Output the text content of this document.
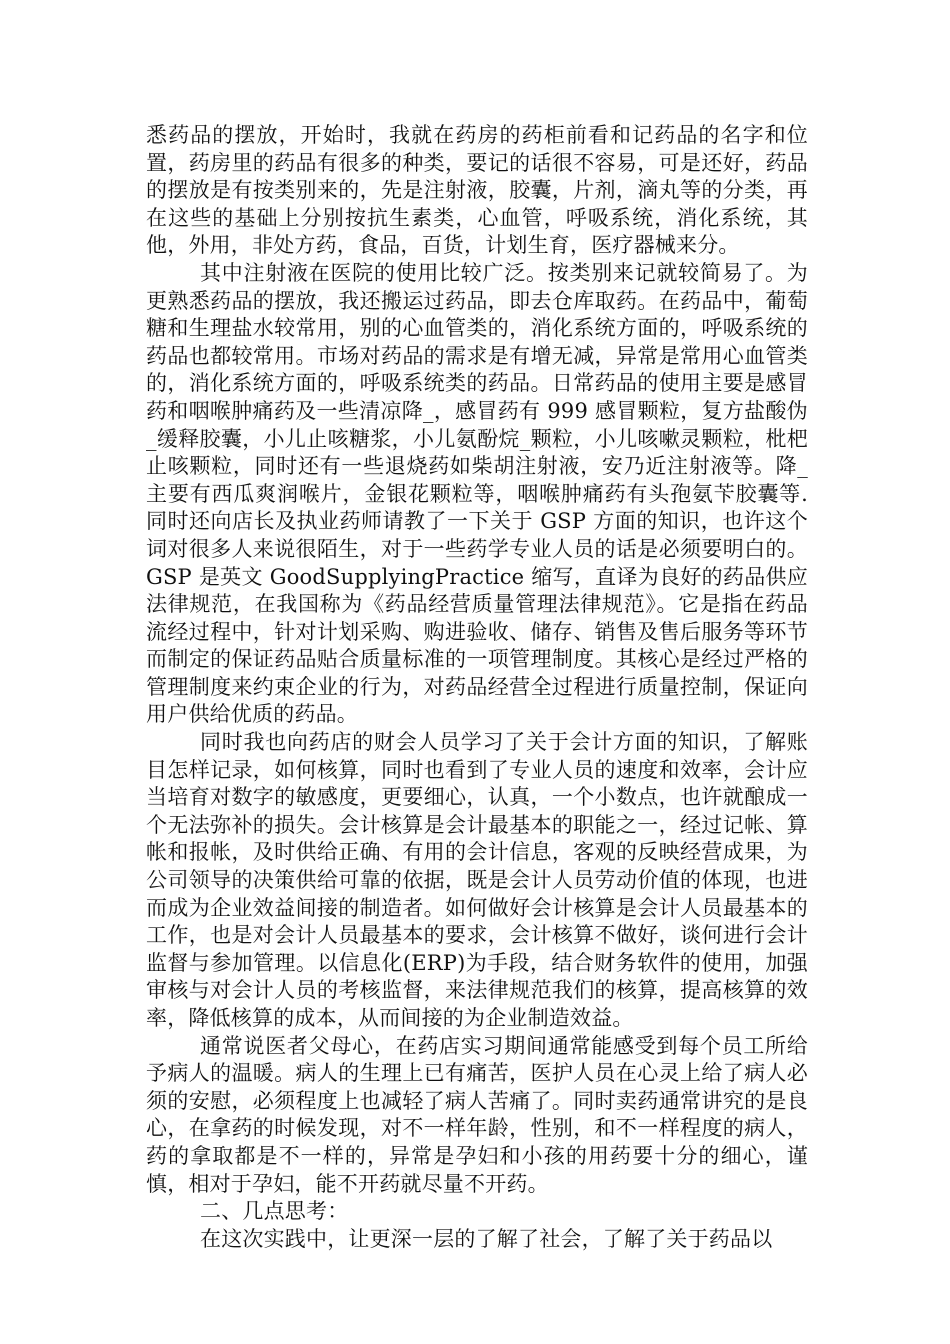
悉药品的摆放，开始时，我就在药房的药柜前看和记药品的名字和位置，药房里的药品有很多的种类，要记的话很不容易，可是还好，药品的摆放是有按类别来的，先是注射液，胶囊，片剂，滴丸等的分类，再在这些的基础上分别按抗生素类，心血管，呼吸系统，消化系统，其他，外用，非处方药，食品，百货，计划生育，医疗器械来分。

其中注射液在医院的使用比较广泛。按类别来记就较简易了。为更熟悉药品的摆放，我还搬运过药品，即去仓库取药。在药品中，葡萄糖和生理盐水较常用，别的心血管类的，消化系统方面的，呼吸系统的药品也都较常用。市场对药品的需求是有增无减，异常是常用心血管类的，消化系统方面的，呼吸系统类的药品。日常药品的使用主要是感冒药和咽喉肿痛药及一些清凉降_，感冒药有 999 感冒颗粒，复方盐酸伪_缓释胶囊，小儿止咳糖浆，小儿氨酚烷_颗粒，小儿咳嗽灵颗粒，枇杷止咳颗粒，同时还有一些退烧药如柴胡注射液，安乃近注射液等。降_主要有西瓜爽润喉片，金银花颗粒等，咽喉肿痛药有头孢氨苄胶囊等.同时还向店长及执业药师请教了一下关于 GSP 方面的知识，也许这个词对很多人来说很陌生，对于一些药学专业人员的话是必须要明白的。GSP 是英文 GoodSupplyingPractice 缩写，直译为良好的药品供应法律规范，在我国称为《药品经营质量管理法律规范》。它是指在药品流经过程中，针对计划采购、购进验收、储存、销售及售后服务等环节而制定的保证药品贴合质量标准的一项管理制度。其核心是经过严格的管理制度来约束企业的行为，对药品经营全过程进行质量控制，保证向用户供给优质的药品。

同时我也向药店的财会人员学习了关于会计方面的知识，了解账目怎样记录，如何核算，同时也看到了专业人员的速度和效率，会计应当培育对数字的敏感度，更要细心，认真，一个小数点，也许就酿成一个无法弥补的损失。会计核算是会计最基本的职能之一，经过记帐、算帐和报帐，及时供给正确、有用的会计信息，客观的反映经营成果，为公司领导的决策供给可靠的依据，既是会计人员劳动价值的体现，也进而成为企业效益间接的制造者。如何做好会计核算是会计人员最基本的工作，也是对会计人员最基本的要求，会计核算不做好，谈何进行会计监督与参加管理。以信息化(ERP)为手段，结合财务软件的使用，加强审核与对会计人员的考核监督，来法律规范我们的核算，提高核算的效率，降低核算的成本，从而间接的为企业制造效益。

通常说医者父母心，在药店实习期间通常能感受到每个员工所给予病人的温暖。病人的生理上已有痛苦，医护人员在心灵上给了病人必须的安慰，必须程度上也减轻了病人苦痛了。同时卖药通常讲究的是良心，在拿药的时候发现，对不一样年龄，性别，和不一样程度的病人，药的拿取都是不一样的，异常是孕妇和小孩的用药要十分的细心，谨慎，相对于孕妇，能不开药就尽量不开药。

二、几点思考：

在这次实践中，让更深一层的了解了社会，了解了关于药品以
